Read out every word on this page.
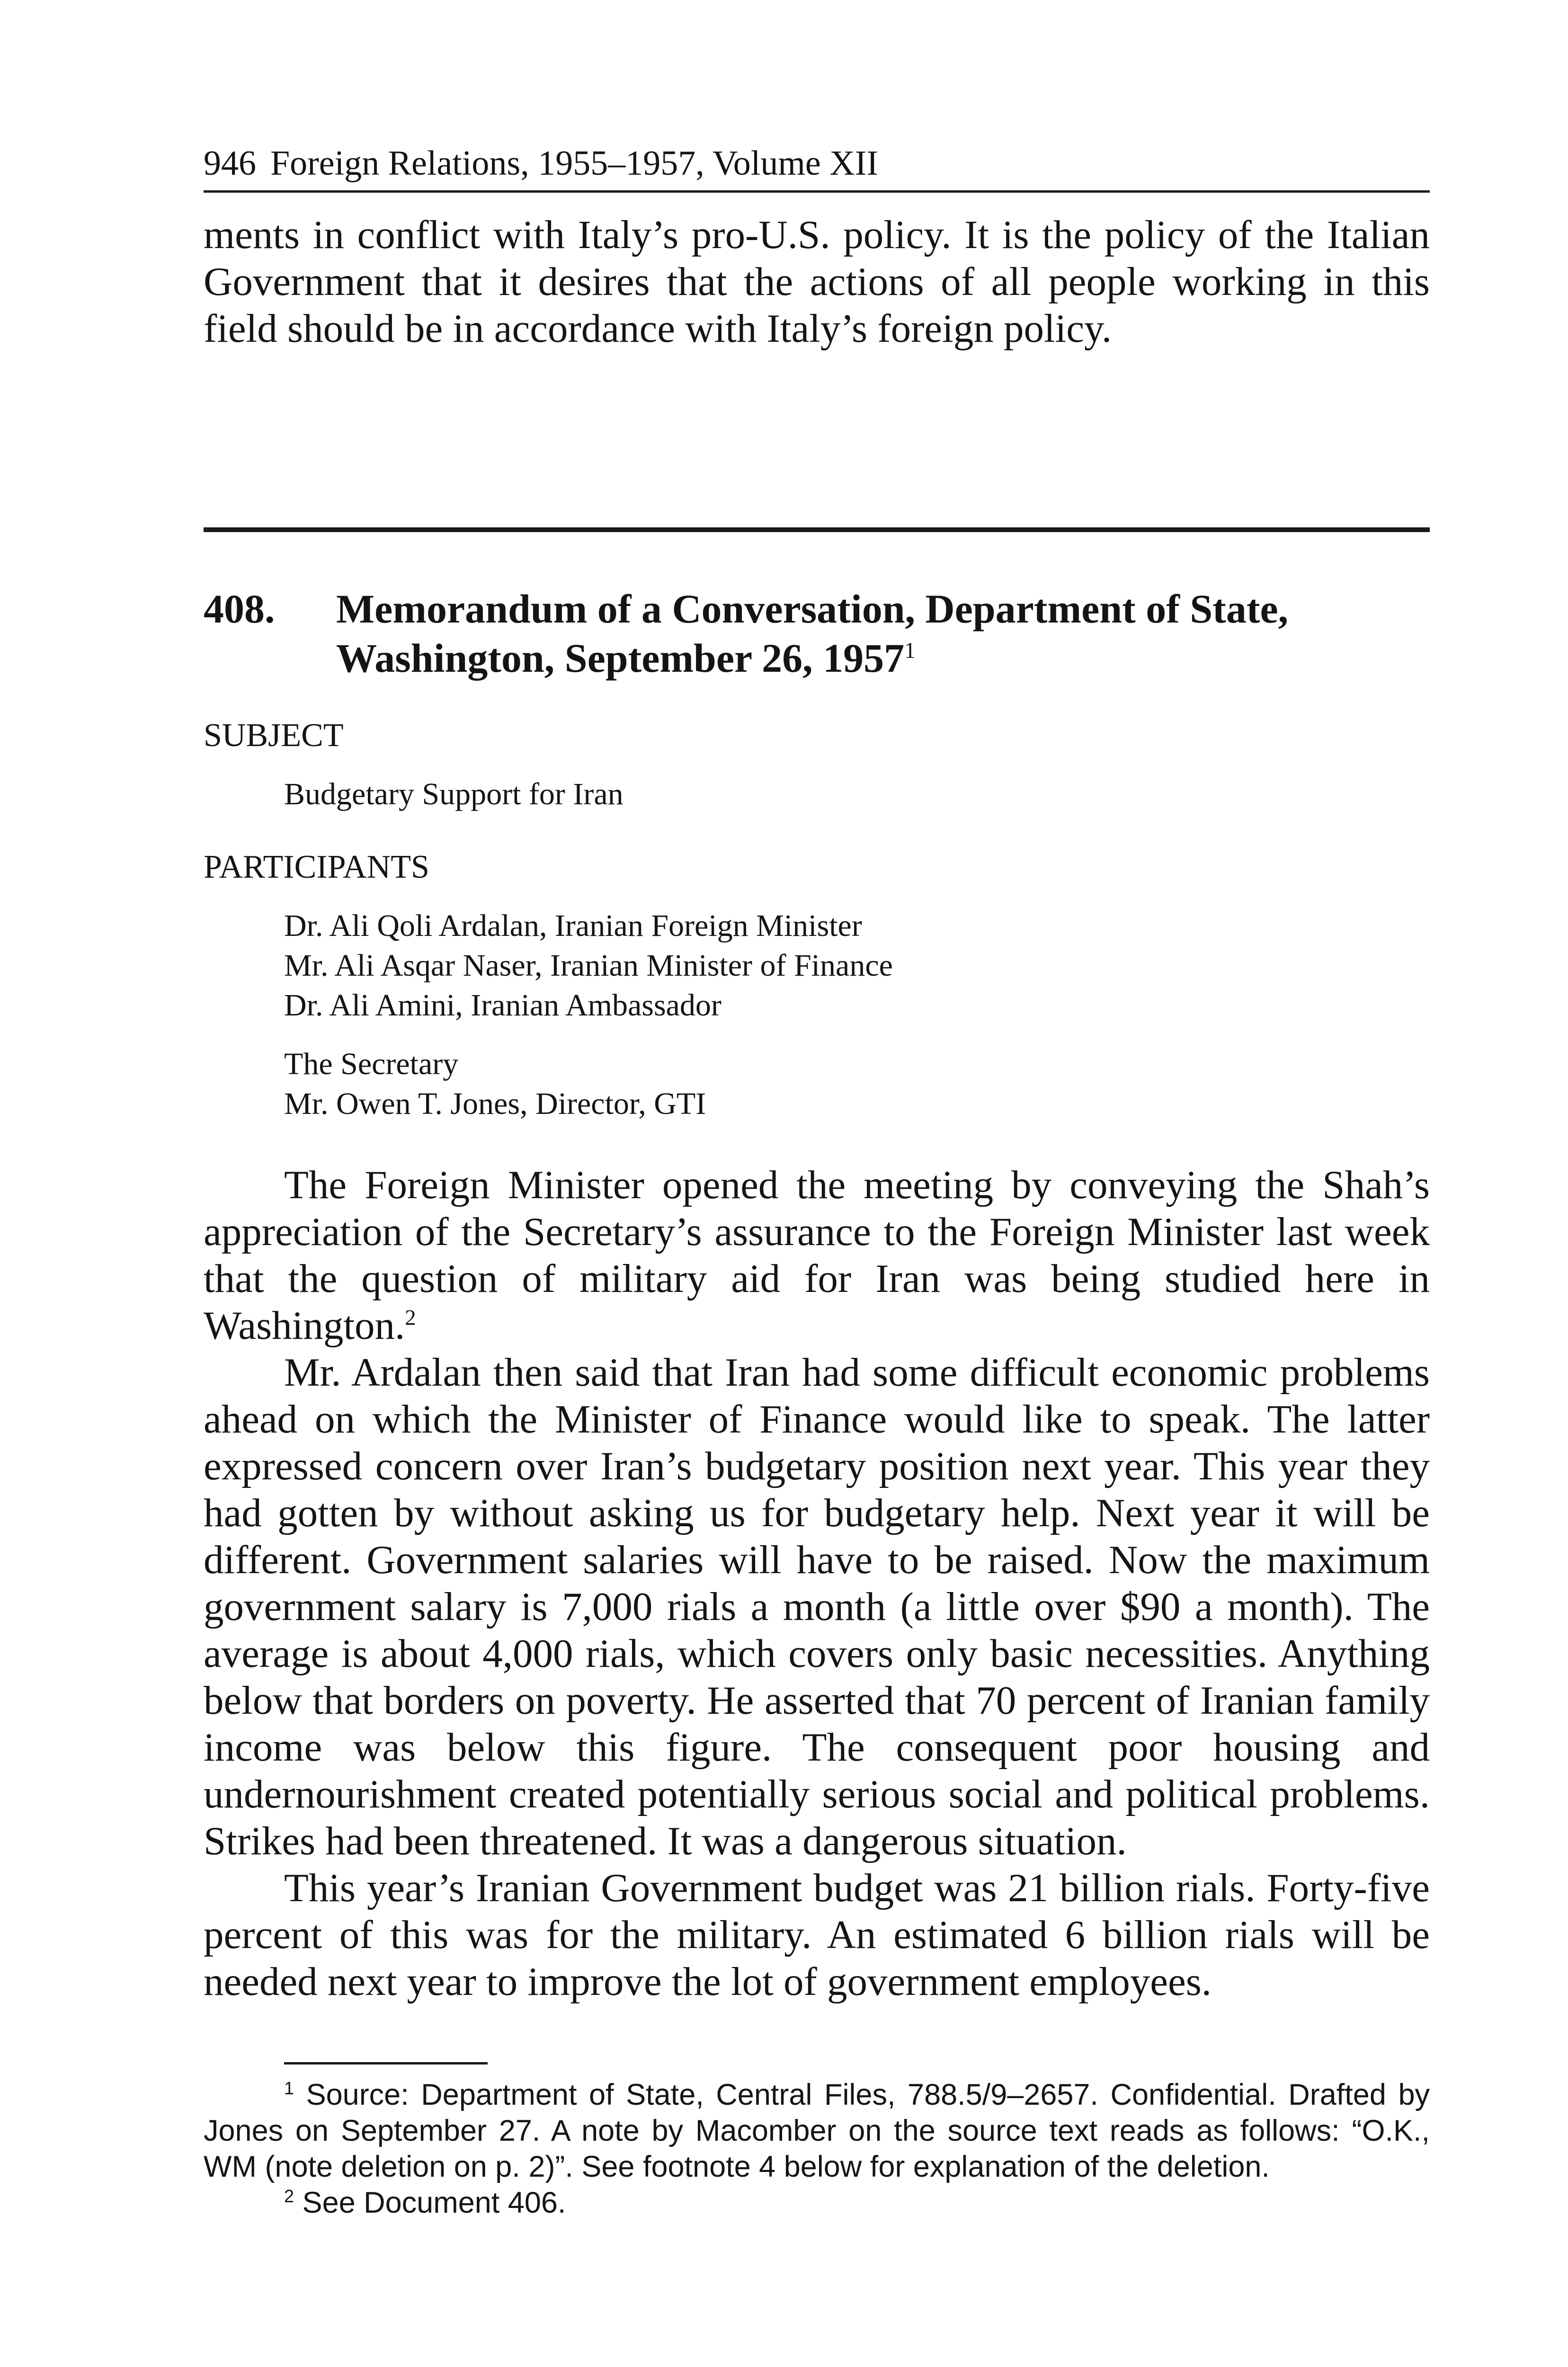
946 Foreign Relations, 1955–1957, Volume XII

ments in conflict with Italy’s pro-U.S. policy. It is the policy of the Italian Government that it desires that the actions of all people working in this field should be in accordance with Italy’s foreign policy.

408.	Memorandum of a Conversation, Department of State,
Washington, September 26, 1957$^1$
SUBJECT
Budgetary Support for Iran
PARTICIPANTS
Dr. Ali Qoli Ardalan, Iranian Foreign Minister
Mr. Ali Asqar Naser, Iranian Minister of Finance
Dr. Ali Amini, Iranian Ambassador
The Secretary
Mr. Owen T. Jones, Director, GTI

The Foreign Minister opened the meeting by conveying the Shah’s appreciation of the Secretary’s assurance to the Foreign Minister last week that the question of military aid for Iran was being studied here in Washington.$^2$

Mr. Ardalan then said that Iran had some difficult economic problems ahead on which the Minister of Finance would like to speak. The latter expressed concern over Iran’s budgetary position next year. This year they had gotten by without asking us for budgetary help. Next year it will be different. Government salaries will have to be raised. Now the maximum government salary is 7,000 rials a month (a little over $90 a month). The average is about 4,000 rials, which covers only basic necessities. Anything below that borders on poverty. He asserted that 70 percent of Iranian family income was below this figure. The consequent poor housing and undernourishment created potentially serious social and political problems. Strikes had been threatened. It was a dangerous situation.

This year’s Iranian Government budget was 21 billion rials. Forty-five percent of this was for the military. An estimated 6 billion rials will be needed next year to improve the lot of government employees.

$^1$ Source: Department of State, Central Files, 788.5/9–2657. Confidential. Drafted by Jones on September 27. A note by Macomber on the source text reads as follows: “O.K., WM (note deletion on p. 2)”. See footnote 4 below for explanation of the deletion.
$^2$ See Document 406.
